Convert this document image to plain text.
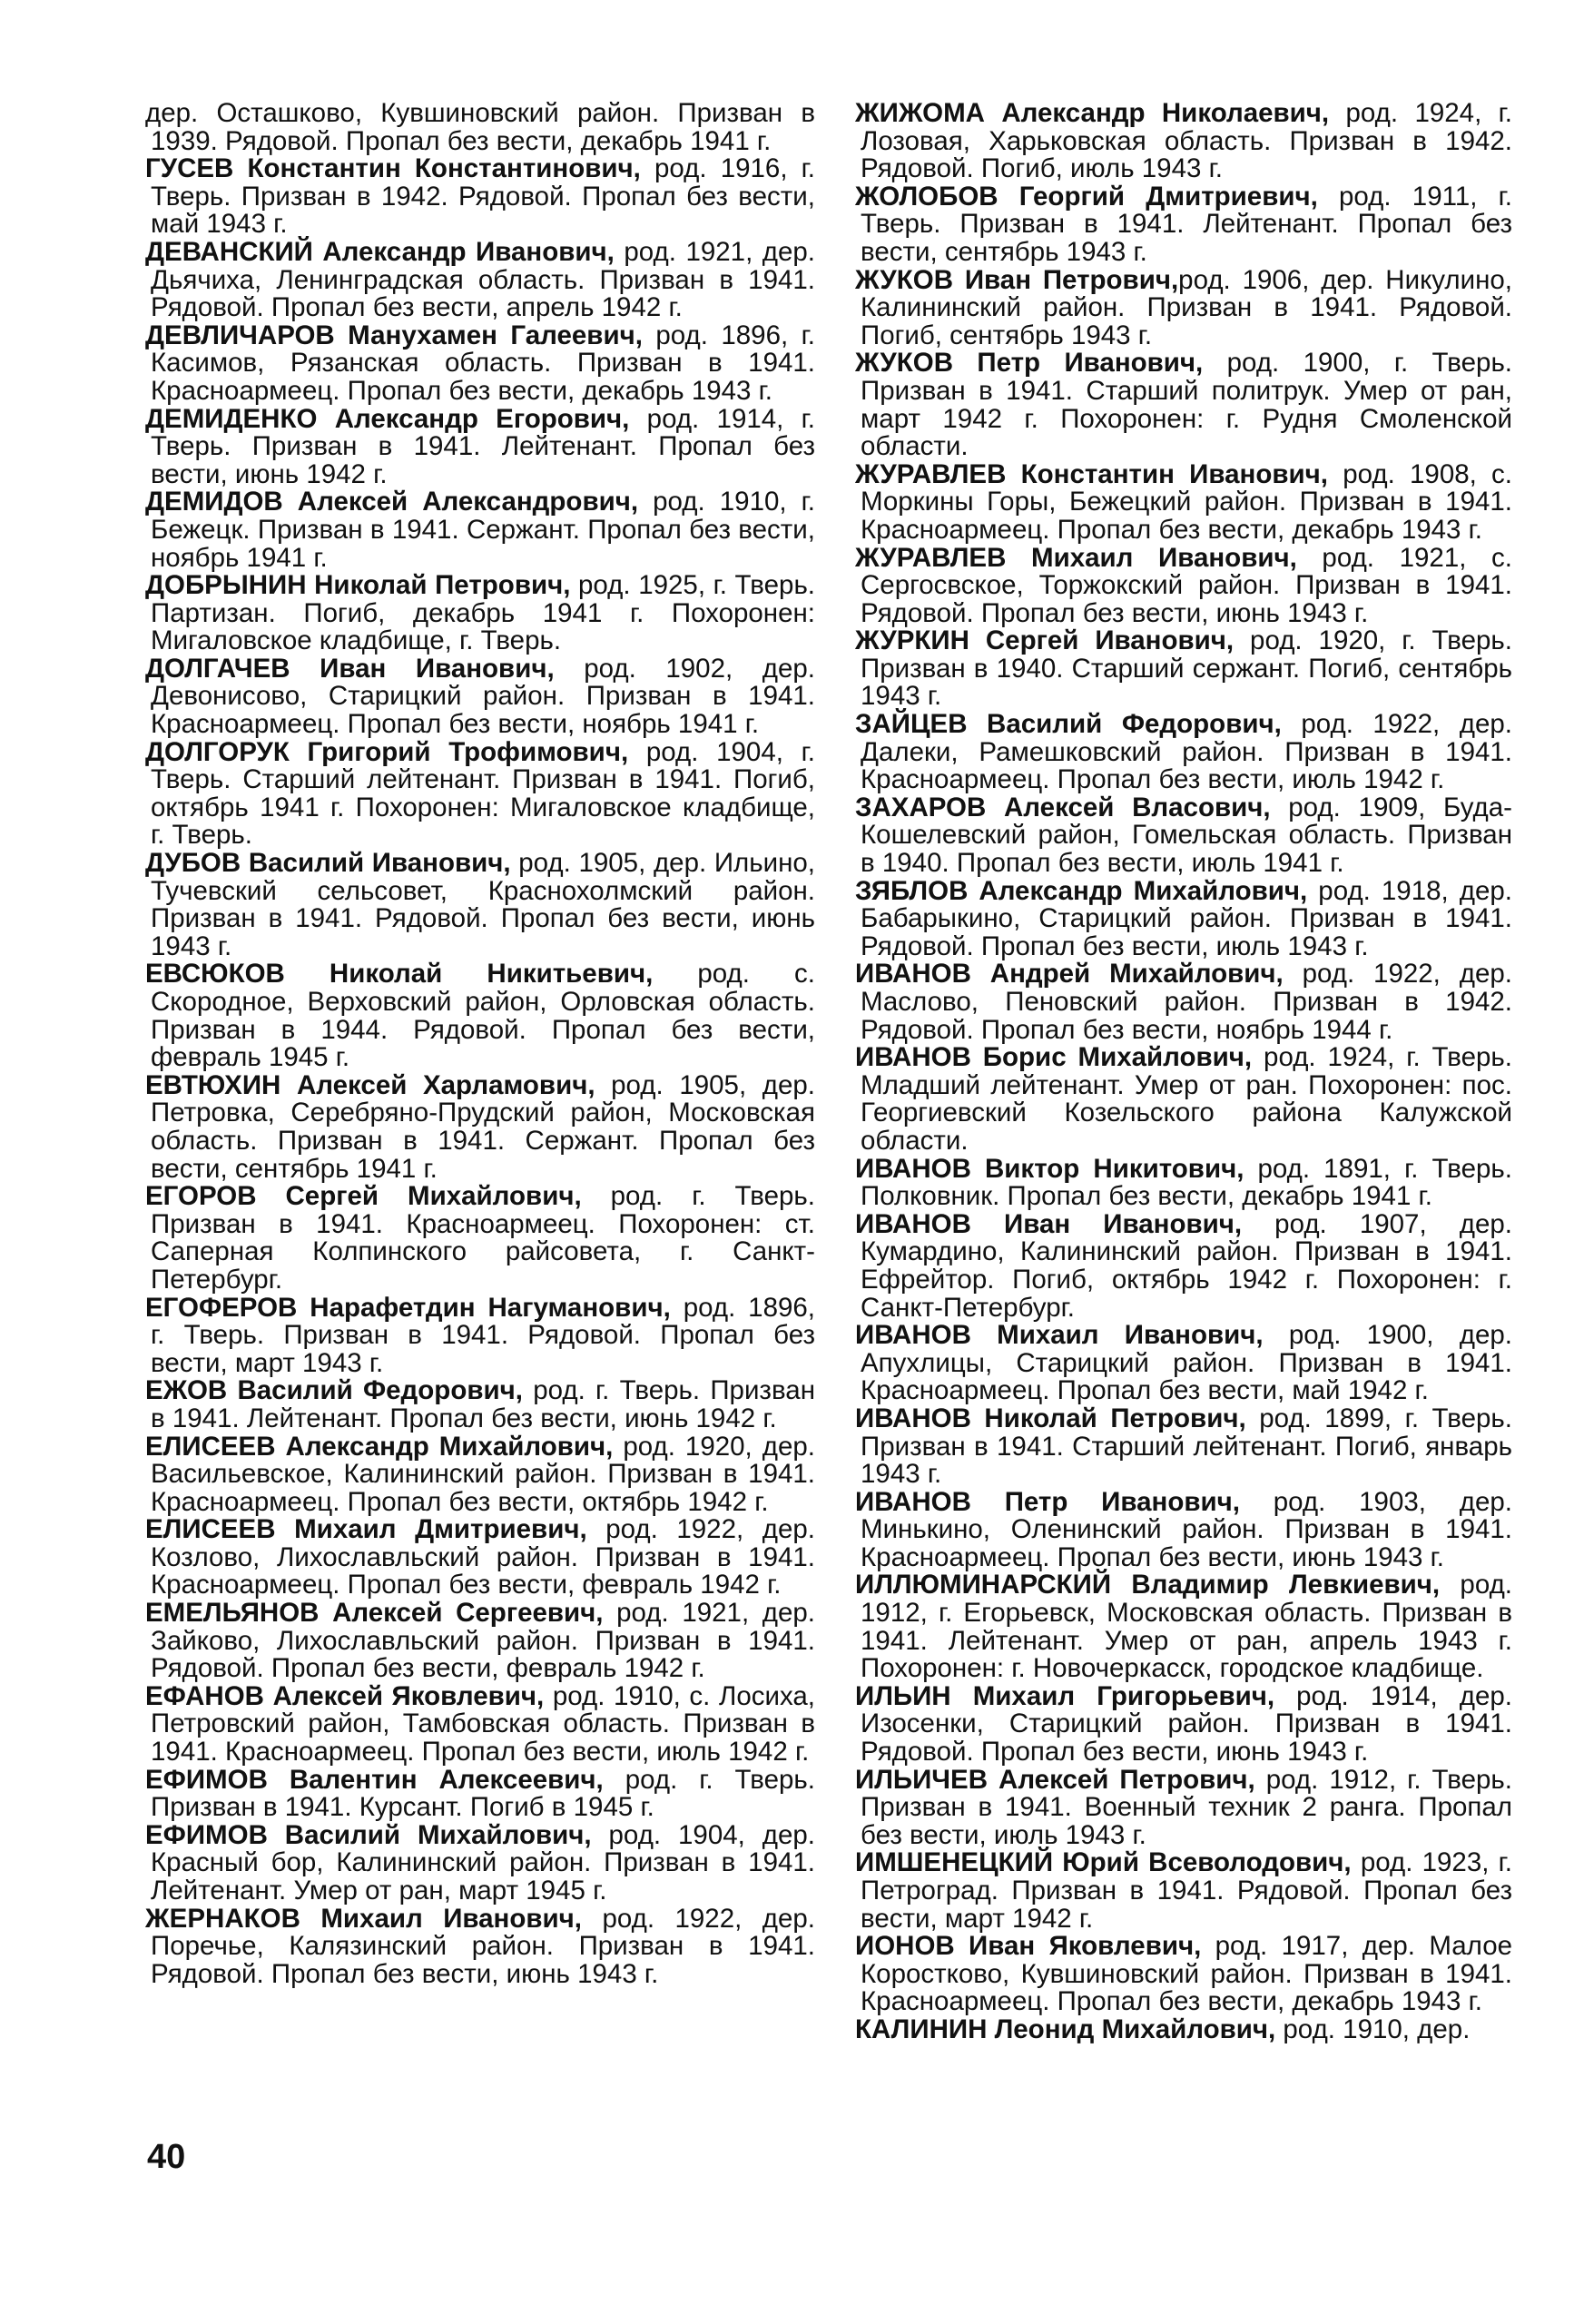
дер. Осташково, Кувшиновский район. Призван в 1939. Рядовой. Пропал без вести, декабрь 1941 г.
ГУСЕВ Константин Константинович, род. 1916, г. Тверь. Призван в 1942. Рядовой. Пропал без вести, май 1943 г.
ДЕВАНСКИЙ Александр Иванович, род. 1921, дер. Дьячиха, Ленинградская область. Призван в 1941. Рядовой. Пропал без вести, апрель 1942 г.
ДЕВЛИЧАРОВ Манухамен Галеевич, род. 1896, г. Касимов, Рязанская область. Призван в 1941. Красноармеец. Пропал без вести, декабрь 1943 г.
ДЕМИДЕНКО Александр Егорович, род. 1914, г. Тверь. Призван в 1941. Лейтенант. Пропал без вести, июнь 1942 г.
ДЕМИДОВ Алексей Александрович, род. 1910, г. Бежецк. Призван в 1941. Сержант. Пропал без вести, ноябрь 1941 г.
ДОБРЫНИН Николай Петрович, род. 1925, г. Тверь. Партизан. Погиб, декабрь 1941 г. Похоронен: Мигаловское кладбище, г. Тверь.
ДОЛГАЧЕВ Иван Иванович, род. 1902, дер. Девонисово, Старицкий район. Призван в 1941. Красноармеец. Пропал без вести, ноябрь 1941 г.
ДОЛГОРУК Григорий Трофимович, род. 1904, г. Тверь. Старший лейтенант. Призван в 1941. Погиб, октябрь 1941 г. Похоронен: Мигаловское кладбище, г. Тверь.
ДУБОВ Василий Иванович, род. 1905, дер. Ильино, Тучевский сельсовет, Краснохолмский район. Призван в 1941. Рядовой. Пропал без вести, июнь 1943 г.
ЕВСЮКОВ Николай Никитьевич, род. с. Скородное, Верховский район, Орловская область. Призван в 1944. Рядовой. Пропал без вести, февраль 1945 г.
ЕВТЮХИН Алексей Харламович, род. 1905, дер. Петровка, Серебряно-Прудский район, Московская область. Призван в 1941. Сержант. Пропал без вести, сентябрь 1941 г.
ЕГОРОВ Сергей Михайлович, род. г. Тверь. Призван в 1941. Красноармеец. Похоронен: ст. Саперная Колпинского райсовета, г. Санкт-Петербург.
ЕГОФЕРОВ Нарафетдин Нагуманович, род. 1896, г. Тверь. Призван в 1941. Рядовой. Пропал без вести, март 1943 г.
ЕЖОВ Василий Федорович, род. г. Тверь. Призван в 1941. Лейтенант. Пропал без вести, июнь 1942 г.
ЕЛИСЕЕВ Александр Михайлович, род. 1920, дер. Васильевское, Калининский район. Призван в 1941. Красноармеец. Пропал без вести, октябрь 1942 г.
ЕЛИСЕЕВ Михаил Дмитриевич, род. 1922, дер. Козлово, Лихославльский район. Призван в 1941. Красноармеец. Пропал без вести, февраль 1942 г.
ЕМЕЛЬЯНОВ Алексей Сергеевич, род. 1921, дер. Зайково, Лихославльский район. Призван в 1941. Рядовой. Пропал без вести, февраль 1942 г.
ЕФАНОВ Алексей Яковлевич, род. 1910, с. Лосиха, Петровский район, Тамбовская область. Призван в 1941. Красноармеец. Пропал без вести, июль 1942 г.
ЕФИМОВ Валентин Алексеевич, род. г. Тверь. Призван в 1941. Курсант. Погиб в 1945 г.
ЕФИМОВ Василий Михайлович, род. 1904, дер. Красный бор, Калининский район. Призван в 1941. Лейтенант. Умер от ран, март 1945 г.
ЖЕРНАКОВ Михаил Иванович, род. 1922, дер. Поречье, Калязинский район. Призван в 1941. Рядовой. Пропал без вести, июнь 1943 г.
ЖИЖОМА Александр Николаевич, род. 1924, г. Лозовая, Харьковская область. Призван в 1942. Рядовой. Погиб, июль 1943 г.
ЖОЛОБОВ Георгий Дмитриевич, род. 1911, г. Тверь. Призван в 1941. Лейтенант. Пропал без вести, сентябрь 1943 г.
ЖУКОВ Иван Петрович,род. 1906, дер. Никулино, Калининский район. Призван в 1941. Рядовой. Погиб, сентябрь 1943 г.
ЖУКОВ Петр Иванович, род. 1900, г. Тверь. Призван в 1941. Старший политрук. Умер от ран, март 1942 г. Похоронен: г. Рудня Смоленской области.
ЖУРАВЛЕВ Константин Иванович, род. 1908, с. Моркины Горы, Бежецкий район. Призван в 1941. Красноармеец. Пропал без вести, декабрь 1943 г.
ЖУРАВЛЕВ Михаил Иванович, род. 1921, с. Сергосвское, Торжокский район. Призван в 1941. Рядовой. Пропал без вести, июнь 1943 г.
ЖУРКИН Сергей Иванович, род. 1920, г. Тверь. Призван в 1940. Старший сержант. Погиб, сентябрь 1943 г.
ЗАЙЦЕВ Василий Федорович, род. 1922, дер. Далеки, Рамешковский район. Призван в 1941. Красноармеец. Пропал без вести, июль 1942 г.
ЗАХАРОВ Алексей Власович, род. 1909, Буда-Кошелевский район, Гомельская область. Призван в 1940. Пропал без вести, июль 1941 г.
ЗЯБЛОВ Александр Михайлович, род. 1918, дер. Бабарыкино, Старицкий район. Призван в 1941. Рядовой. Пропал без вести, июль 1943 г.
ИВАНОВ Андрей Михайлович, род. 1922, дер. Маслово, Пеновский район. Призван в 1942. Рядовой. Пропал без вести, ноябрь 1944 г.
ИВАНОВ Борис Михайлович, род. 1924, г. Тверь. Младший лейтенант. Умер от ран. Похоронен: пос. Георгиевский Козельского района Калужской области.
ИВАНОВ Виктор Никитович, род. 1891, г. Тверь. Полковник. Пропал без вести, декабрь 1941 г.
ИВАНОВ Иван Иванович, род. 1907, дер. Кумардино, Калининский район. Призван в 1941. Ефрейтор. Погиб, октябрь 1942 г. Похоронен: г. Санкт-Петербург.
ИВАНОВ Михаил Иванович, род. 1900, дер. Апухлицы, Старицкий район. Призван в 1941. Красноармеец. Пропал без вести, май 1942 г.
ИВАНОВ Николай Петрович, род. 1899, г. Тверь. Призван в 1941. Старший лейтенант. Погиб, январь 1943 г.
ИВАНОВ Петр Иванович, род. 1903, дер. Минькино, Оленинский район. Призван в 1941. Красноармеец. Пропал без вести, июнь 1943 г.
ИЛЛЮМИНАРСКИЙ Владимир Левкиевич, род. 1912, г. Егорьевск, Московская область. Призван в 1941. Лейтенант. Умер от ран, апрель 1943 г. Похоронен: г. Новочеркасск, городское кладбище.
ИЛЬИН Михаил Григорьевич, род. 1914, дер. Изосенки, Старицкий район. Призван в 1941. Рядовой. Пропал без вести, июнь 1943 г.
ИЛЬИЧЕВ Алексей Петрович, род. 1912, г. Тверь. Призван в 1941. Военный техник 2 ранга. Пропал без вести, июль 1943 г.
ИМШЕНЕЦКИЙ Юрий Всеволодович, род. 1923, г. Петроград. Призван в 1941. Рядовой. Пропал без вести, март 1942 г.
ИОНОВ Иван Яковлевич, род. 1917, дер. Малое Коростково, Кувшиновский район. Призван в 1941. Красноармеец. Пропал без вести, декабрь 1943 г.
КАЛИНИН Леонид Михайлович, род. 1910, дер.
40
